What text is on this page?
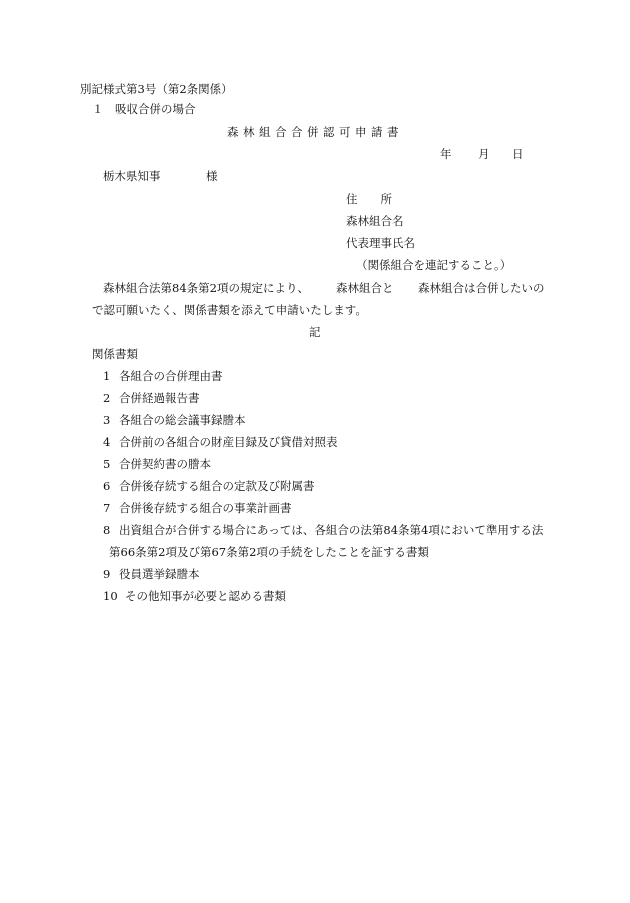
別記様式第3号（第2条関係）
１　吸収合併の場合
森林組合合併認可申請書
年 月 日
栃木県知事	様
住　　所
森林組合名
代表理事氏名
（関係組合を連記すること。）
森林組合法第84条第2項の規定により、 森林組合と 森林組合は合併したいの
で認可願いたく、関係書類を添えて申請いたします。
記
関係書類
1 各組合の合併理由書
2 合併経過報告書
3 各組合の総会議事録謄本
4 合併前の各組合の財産目録及び貸借対照表
5 合併契約書の謄本
6 合併後存続する組合の定款及び附属書
7 合併後存続する組合の事業計画書
8 出資組合が合併する場合にあっては、各組合の法第84条第4項において準用する法
第66条第2項及び第67条第2項の手続をしたことを証する書類
9 役員選挙録謄本
10 その他知事が必要と認める書類
